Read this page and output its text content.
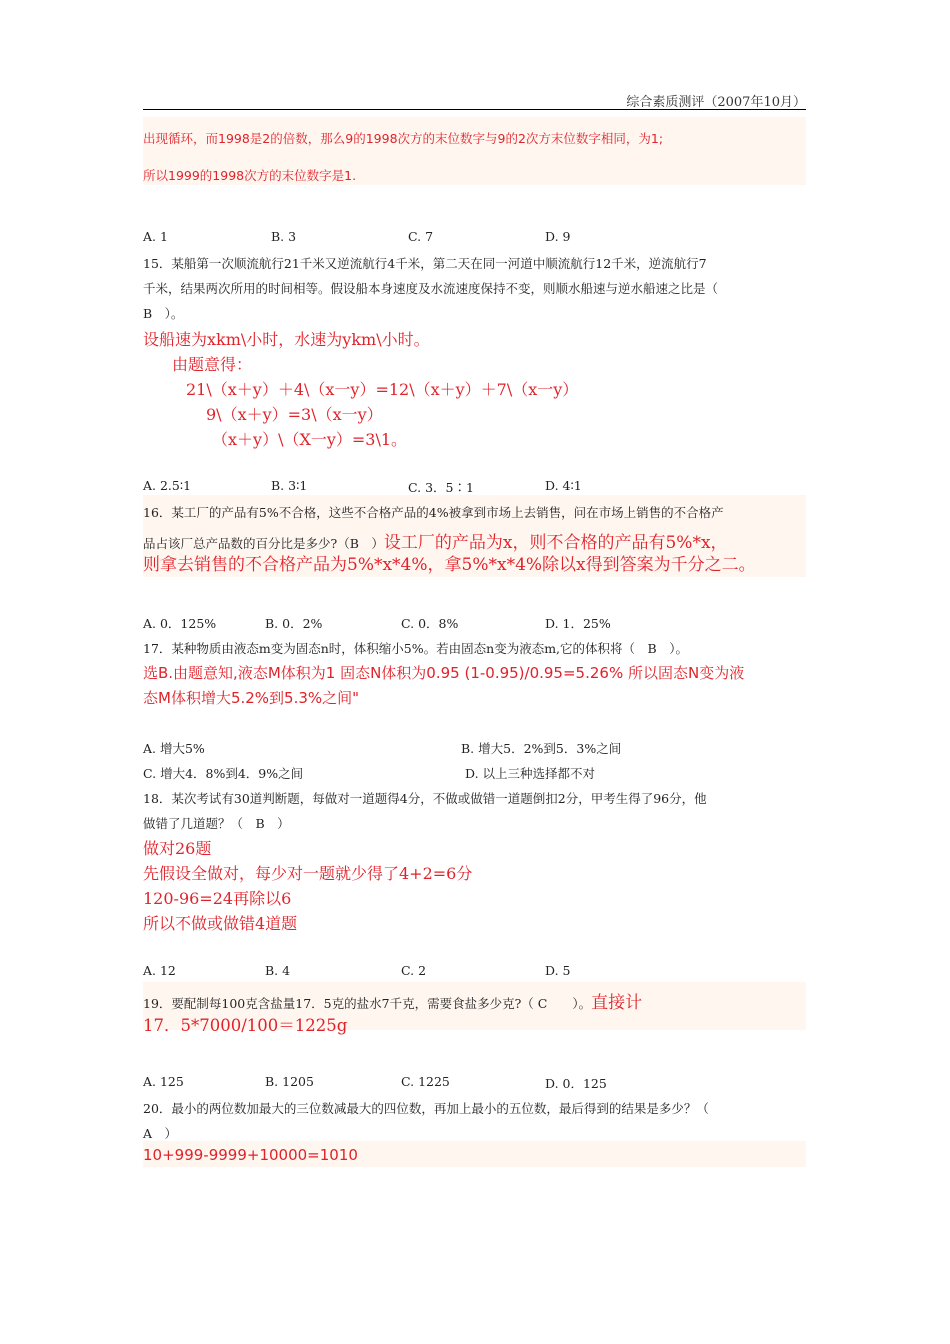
综合素质测评（2007年10月）
出现循环，而1998是2的倍数，那么9的1998次方的末位数字与9的2次方末位数字相同，为1;
所以1999的1998次方的末位数字是1.
A. 1	B. 3	C. 7	D. 9
15．某船第一次顺流航行21千米又逆流航行4千米，第二天在同一河道中顺流航行12千米，逆流航行7
千米，结果两次所用的时间相等。假设船本身速度及水流速度保持不变，则顺水船速与逆水船速之比是（
B　）。
设船速为xkm\小时，水速为ykm\小时。
由题意得：
21\（x＋y）＋4\（x一y）=12\（x＋y）＋7\（x一y）
9\（x＋y）=3\（x一y）
（x＋y）\（X一y）=3\1。
A. 2.5∶1	B. 3∶1	C. 3．5∶1	D. 4∶1
16．某工厂的产品有5%不合格，这些不合格产品的4%被拿到市场上去销售，问在市场上销售的不合格产
品占该厂总产品数的百分比是多少?（B　）设工厂的产品为x，则不合格的产品有5%*x，
则拿去销售的不合格产品为5%*x*4%，拿5%*x*4%除以x得到答案为千分之二。
A. 0．125%	B. 0．2%	C. 0．8%	D. 1．25%
17．某种物质由液态m变为固态n时，体积缩小5%。若由固态n变为液态m,它的体积将（　B　）。
选B.由题意知,液态M体积为1 固态N体积为0.95 (1-0.95)/0.95=5.26% 所以固态N变为液
态M体积增大5.2%到5.3%之间"
A. 增大5%	B. 增大5．2%到5．3%之间
C. 增大4．8%到4．9%之间	D. 以上三种选择都不对
18．某次考试有30道判断题，每做对一道题得4分，不做或做错一道题倒扣2分，甲考生得了96分，他
做错了几道题？（　B　）
做对26题
先假设全做对，每少对一题就少得了4+2=6分
120-96=24再除以6
所以不做或做错4道题
A. 12	B. 4	C. 2	D. 5
19．要配制每100克含盐量17．5克的盐水7千克，需要食盐多少克?（ C　　）。直接计
17．5*7000/100＝1225g
A. 125	B. 1205	C. 1225	D. 0．125
20．最小的两位数加最大的三位数减最大的四位数，再加上最小的五位数，最后得到的结果是多少？（
A　）
10+999-9999+10000=1010
